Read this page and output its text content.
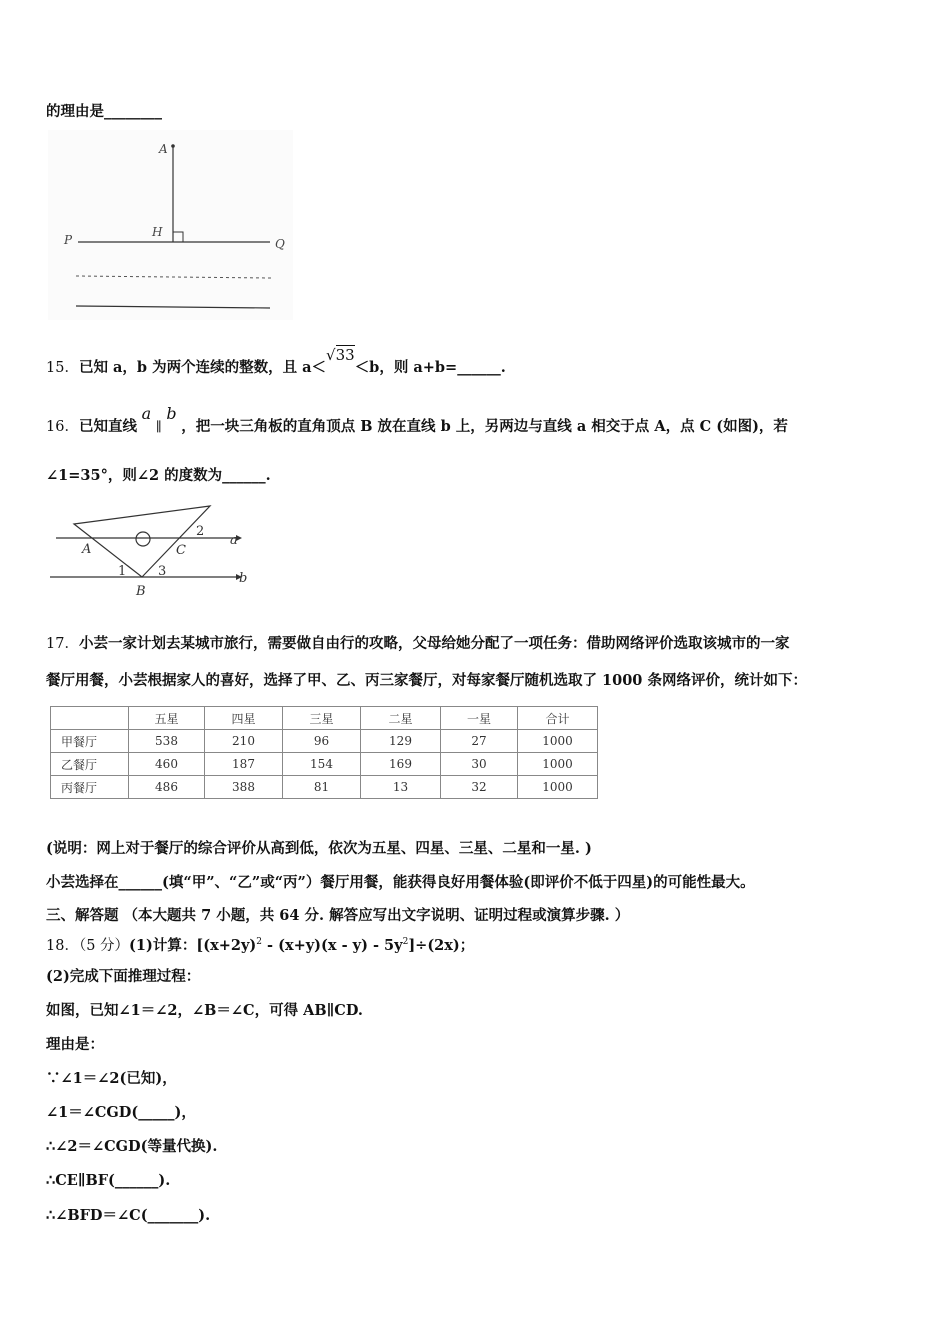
的理由是________
A
H
P	Q
15．已知 a，b 为两个连续的整数，且 a＜√33＜b，则 a+b=______.
16．已知直线 a ∥ b ，把一块三角板的直角顶点 B 放在直线 b 上，另两边与直线 a 相交于点 A，点 C (如图)，若
∠1=35°，则∠2 的度数为______.
A	C
B
1
2
3
a
b
17．小芸一家计划去某城市旅行，需要做自由行的攻略，父母给她分配了一项任务：借助网络评价选取该城市的一家
餐厅用餐，小芸根据家人的喜好，选择了甲、乙、丙三家餐厅，对每家餐厅随机选取了 1000 条网络评价，统计如下：
	五星	四星	三星	二星	一星	合计
甲餐厅	538	210	96	129	27	1000
乙餐厅	460	187	154	169	30	1000
丙餐厅	486	388	81	13	32	1000
(说明：网上对于餐厅的综合评价从高到低，依次为五星、四星、三星、二星和一星. )
小芸选择在______(填“甲”、“乙”或“丙”）餐厅用餐，能获得良好用餐体验(即评价不低于四星)的可能性最大。
三、解答题 （本大题共 7 小题，共 64 分. 解答应写出文字说明、证明过程或演算步骤. ）
18．（5 分）(1)计算：$[(x+2y)^2 - (x+y)(x - y) - 5y^2]\div(2x)$；
(2)完成下面推理过程：
如图，已知∠1＝∠2，∠B＝∠C，可得 AB∥CD.
理由是：
∵∠1＝∠2(已知)，
∠1＝∠CGD(_____)，
∴∠2＝∠CGD(等量代换).
∴CE∥BF(______).
∴∠BFD＝∠C(_______).
